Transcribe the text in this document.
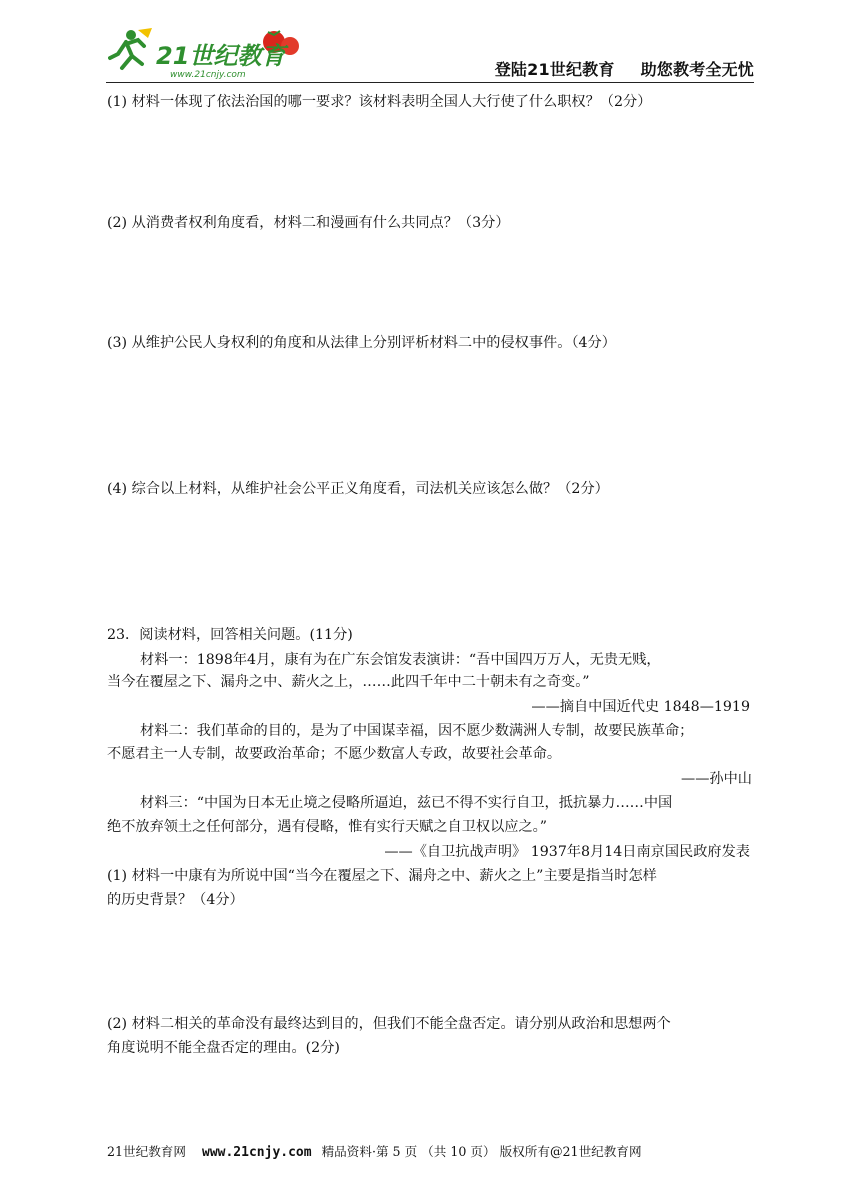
21世纪教育
www.21cnjy.com	登陆21世纪教育 助您教考全无忧
(1) 材料一体现了依法治国的哪一要求？该材料表明全国人大行使了什么职权？（2分）
(2) 从消费者权利角度看，材料二和漫画有什么共同点？（3分）
(3) 从维护公民人身权利的角度和从法律上分别评析材料二中的侵权事件。（4分）
(4) 综合以上材料，从维护社会公平正义角度看，司法机关应该怎么做？（2分）
23．阅读材料，回答相关问题。(11分)
材料一：1898年4月，康有为在广东会馆发表演讲：“吾中国四万万人，无贵无贱，
当今在覆屋之下、漏舟之中、薪火之上，……此四千年中二十朝未有之奇变。”
——摘自中国近代史 1848—1919
材料二：我们革命的目的，是为了中国谋幸福，因不愿少数满洲人专制，故要民族革命；
不愿君主一人专制，故要政治革命；不愿少数富人专政，故要社会革命。
——孙中山
材料三：“中国为日本无止境之侵略所逼迫，兹已不得不实行自卫，抵抗暴力……中国
绝不放弃领土之任何部分，遇有侵略，惟有实行天赋之自卫权以应之。”
——《自卫抗战声明》 1937年8月14日南京国民政府发表
(1) 材料一中康有为所说中国“当今在覆屋之下、漏舟之中、薪火之上”主要是指当时怎样
的历史背景？（4分）
(2) 材料二相关的革命没有最终达到目的，但我们不能全盘否定。请分别从政治和思想两个
角度说明不能全盘否定的理由。(2分)
21世纪教育网 www.21cnjy.com 精品资料·第 5 页 （共 10 页） 版权所有@21世纪教育网
